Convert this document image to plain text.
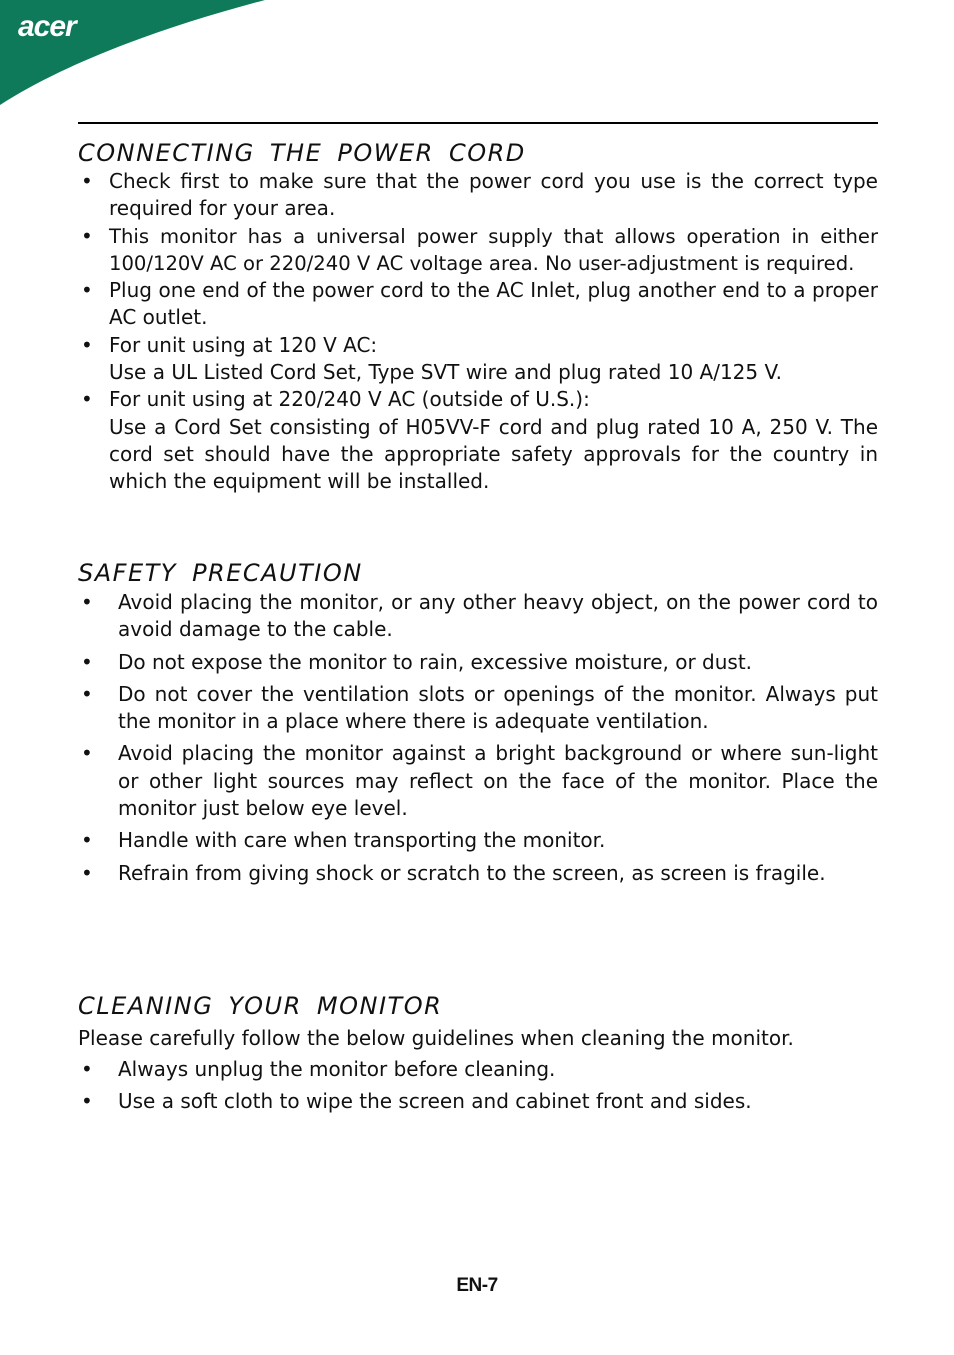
acer
CONNECTING THE POWER CORD
• Check first to make sure that the power cord you use is the correct type required for your area.
• This monitor has a universal power supply that allows operation in either 100/120V AC or 220/240 V AC voltage area. No user-adjustment is required.
• Plug one end of the power cord to the AC Inlet, plug another end to a proper AC outlet.
• For unit using at 120 V AC:
Use a UL Listed Cord Set, Type SVT wire and plug rated 10 A/125 V.
• For unit using at 220/240 V AC (outside of U.S.):
Use a Cord Set consisting of H05VV-F cord and plug rated 10 A, 250 V. The cord set should have the appropriate safety approvals for the country in which the equipment will be installed.
SAFETY PRECAUTION
• Avoid placing the monitor, or any other heavy object, on the power cord to avoid damage to the cable.
• Do not expose the monitor to rain, excessive moisture, or dust.
• Do not cover the ventilation slots or openings of the monitor. Always put the monitor in a place where there is adequate ventilation.
• Avoid placing the monitor against a bright background or where sun-light or other light sources may reflect on the face of the monitor. Place the monitor just below eye level.
• Handle with care when transporting the monitor.
• Refrain from giving shock or scratch to the screen, as screen is fragile.
CLEANING YOUR MONITOR

Please carefully follow the below guidelines when cleaning the monitor.

• Always unplug the monitor before cleaning.
• Use a soft cloth to wipe the screen and cabinet front and sides.
EN-7
